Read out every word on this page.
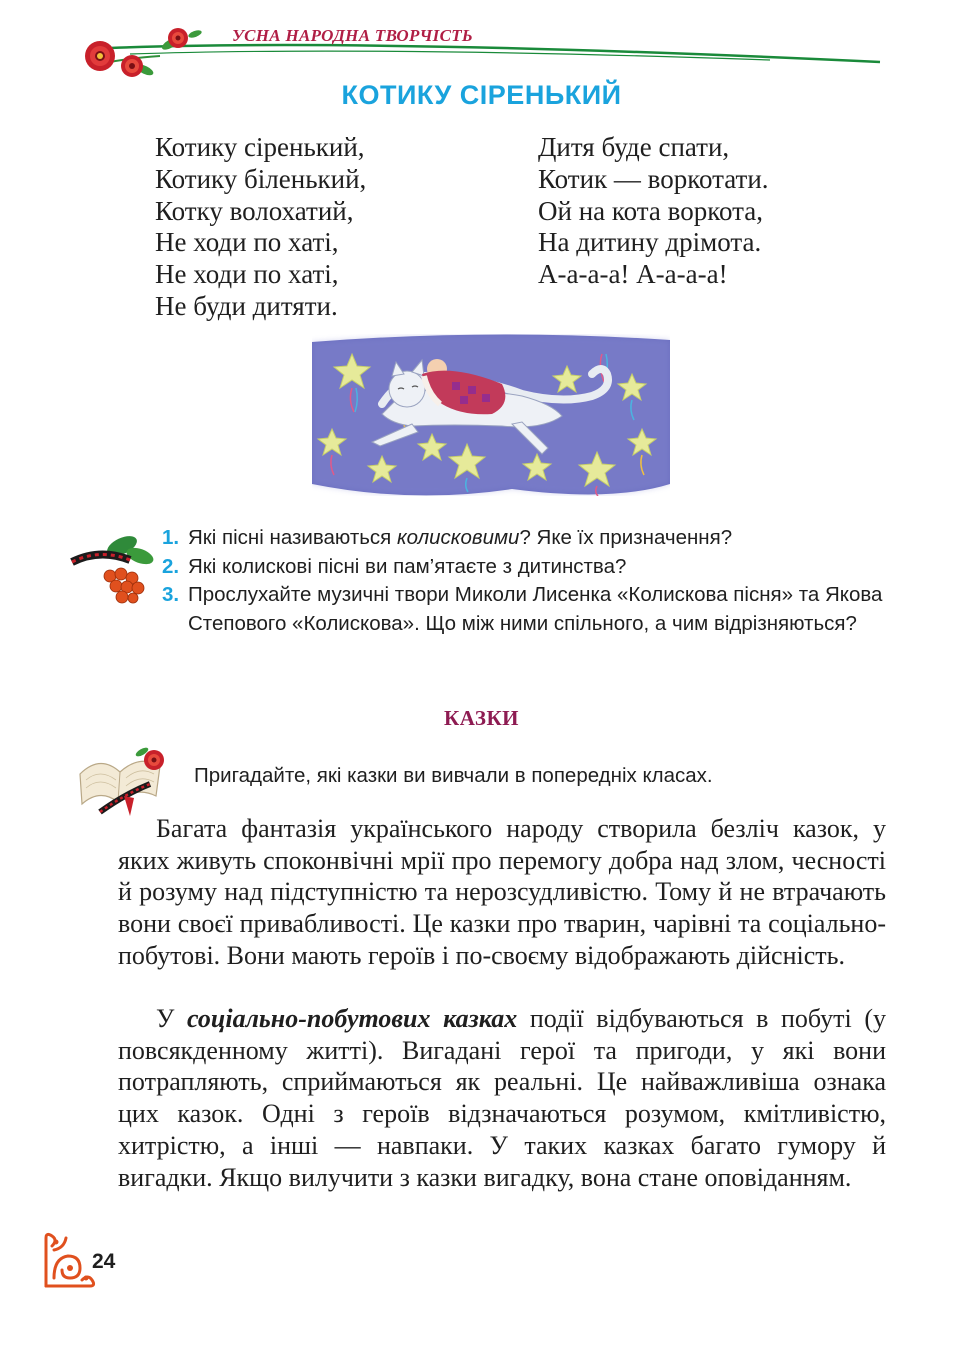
УСНА НАРОДНА ТВОРЧІСТЬ
КОТИКУ СІРЕНЬКИЙ
Котику сіренький,
Котику біленький,
Котку волохатий,
Не ходи по хаті,
Не ходи по хаті,
Не буди дитяти.
Дитя буде спати,
Котик — воркотати.
Ой на кота воркота,
На дитину дрімота.
А-а-а-а! А-а-а-а!
1. Які пісні називаються колисковими? Яке їх призначення?
2. Які колискові пісні ви пам’ятаєте з дитинства?
3. Прослухайте музичні твори Миколи Лисенка «Колискова пісня» та Якова Степового «Колискова». Що між ними спільного, а чим відрізняються?
КАЗКИ
Пригадайте, які казки ви вивчали в попередніх класах.

Багата фантазія українського народу створила безліч казок, у яких живуть споконвічні мрії про перемогу добра над злом, чесності й розуму над підступністю та нерозсудливістю. Тому й не втрачають вони своєї привабливості. Це казки про тварин, чарівні та соціально-побутові. Вони мають героїв і по-своєму відображають дійсність.

У соціально-побутових казках події відбуваються в побуті (у повсякденному житті). Вигадані герої та пригоди, у які вони потрапляють, сприймаються як реальні. Це найважливіша ознака цих казок. Одні з героїв відзначаються розумом, кмітливістю, хитрістю, а інші — навпаки. У таких казках багато гумору й вигадки. Якщо вилучити з казки вигадку, вона стане оповіданням.

24
